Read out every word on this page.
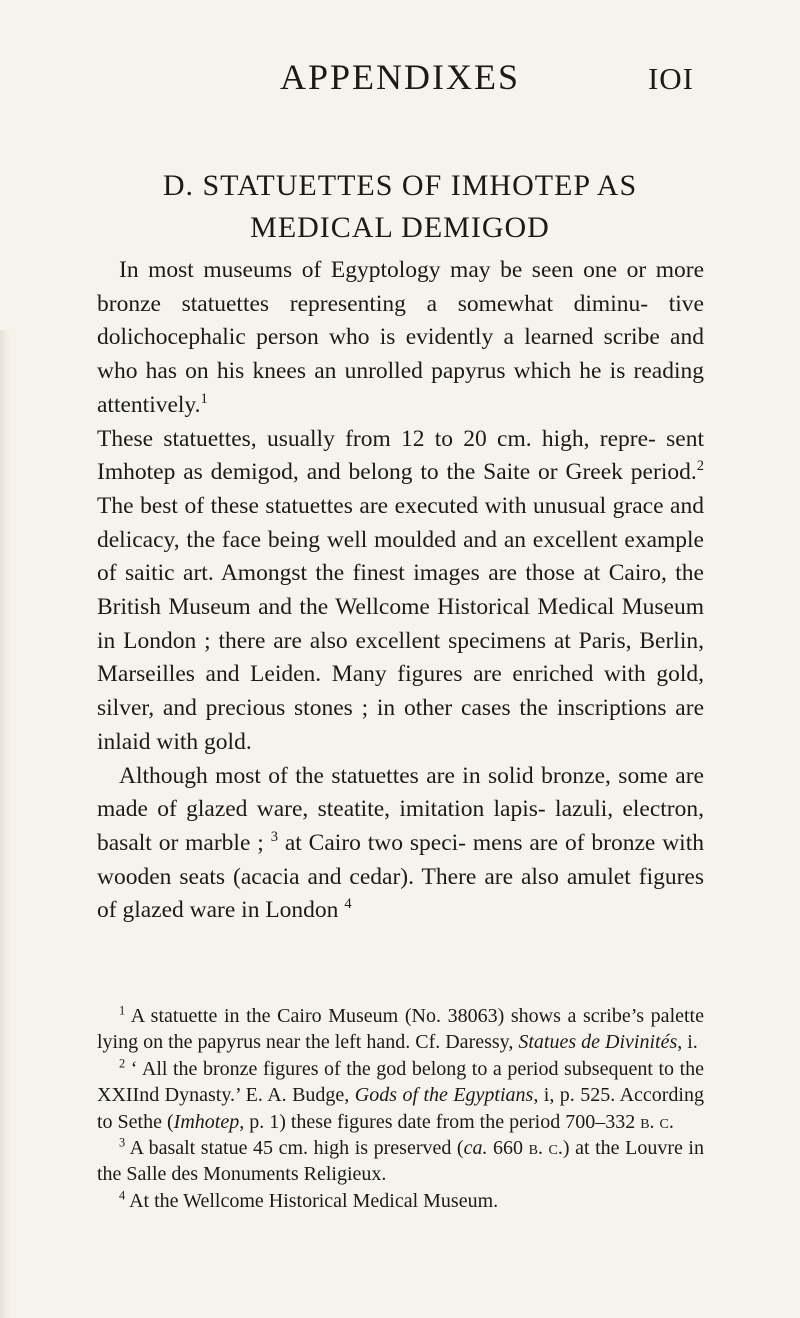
APPENDIXES	IOI
D. STATUETTES OF IMHOTEP AS
MEDICAL DEMIGOD

In most museums of Egyptology may be seen one or more bronze statuettes representing a somewhat diminu- tive dolichocephalic person who is evidently a learned scribe and who has on his knees an unrolled papyrus which he is reading attentively.$^1$

These statuettes, usually from 12 to 20 cm. high, repre- sent Imhotep as demigod, and belong to the Saite or Greek period.$^2$ The best of these statuettes are executed with unusual grace and delicacy, the face being well moulded and an excellent example of saitic art. Amongst the finest images are those at Cairo, the British Museum and the Wellcome Historical Medical Museum in London ; there are also excellent specimens at Paris, Berlin, Marseilles and Leiden. Many figures are enriched with gold, silver, and precious stones ; in other cases the inscriptions are inlaid with gold.

Although most of the statuettes are in solid bronze, some are made of glazed ware, steatite, imitation lapis- lazuli, electron, basalt or marble ; $^3$ at Cairo two speci- mens are of bronze with wooden seats (acacia and cedar). There are also amulet figures of glazed ware in London $^4$

$^1$ A statuette in the Cairo Museum (No. 38063) shows a scribe’s palette lying on the papyrus near the left hand. Cf. Daressy, Statues de Divinités, i.

$^2$ ‘ All the bronze figures of the god belong to a period subsequent to the XXIInd Dynasty.’ E. A. Budge, Gods of the Egyptians, i, p. 525. According to Sethe (Imhotep, p. 1) these figures date from the period 700–332 b. c.

$^3$ A basalt statue 45 cm. high is preserved (ca. 660 b. c.) at the Louvre in the Salle des Monuments Religieux.

$^4$ At the Wellcome Historical Medical Museum.
